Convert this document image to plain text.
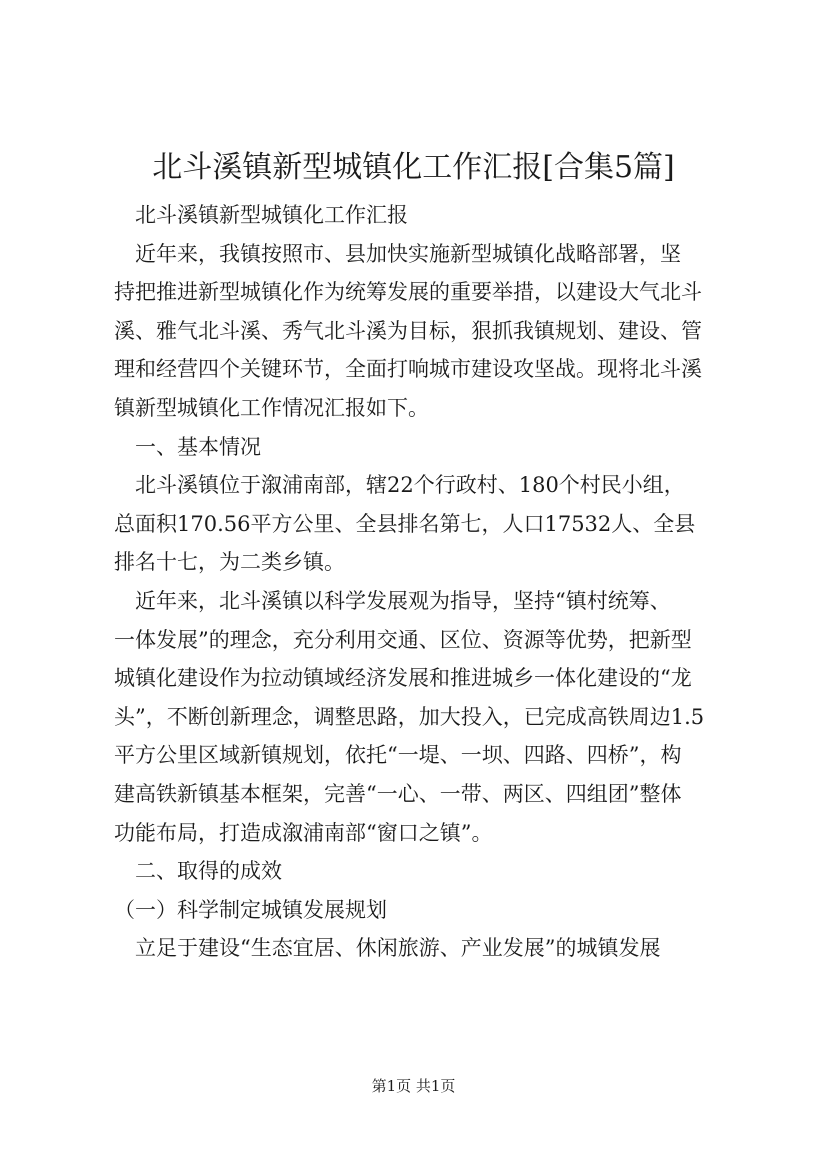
北斗溪镇新型城镇化工作汇报[合集5篇]
　北斗溪镇新型城镇化工作汇报
　近年来，我镇按照市、县加快实施新型城镇化战略部署，坚
持把推进新型城镇化作为统筹发展的重要举措，以建设大气北斗
溪、雅气北斗溪、秀气北斗溪为目标，狠抓我镇规划、建设、管
理和经营四个关键环节，全面打响城市建设攻坚战。现将北斗溪
镇新型城镇化工作情况汇报如下。
　一、基本情况
　北斗溪镇位于溆浦南部，辖22个行政村、180个村民小组，
总面积170.56平方公里、全县排名第七，人口17532人、全县
排名十七，为二类乡镇。
　近年来，北斗溪镇以科学发展观为指导，坚持“镇村统筹、
一体发展”的理念，充分利用交通、区位、资源等优势，把新型
城镇化建设作为拉动镇域经济发展和推进城乡一体化建设的“龙
头”，不断创新理念，调整思路，加大投入，已完成高铁周边1.5
平方公里区域新镇规划，依托“一堤、一坝、四路、四桥”，构
建高铁新镇基本框架，完善“一心、一带、两区、四组团”整体
功能布局，打造成溆浦南部“窗口之镇”。
　二、取得的成效
（一）科学制定城镇发展规划
　立足于建设“生态宜居、休闲旅游、产业发展”的城镇发展
第1页 共1页
